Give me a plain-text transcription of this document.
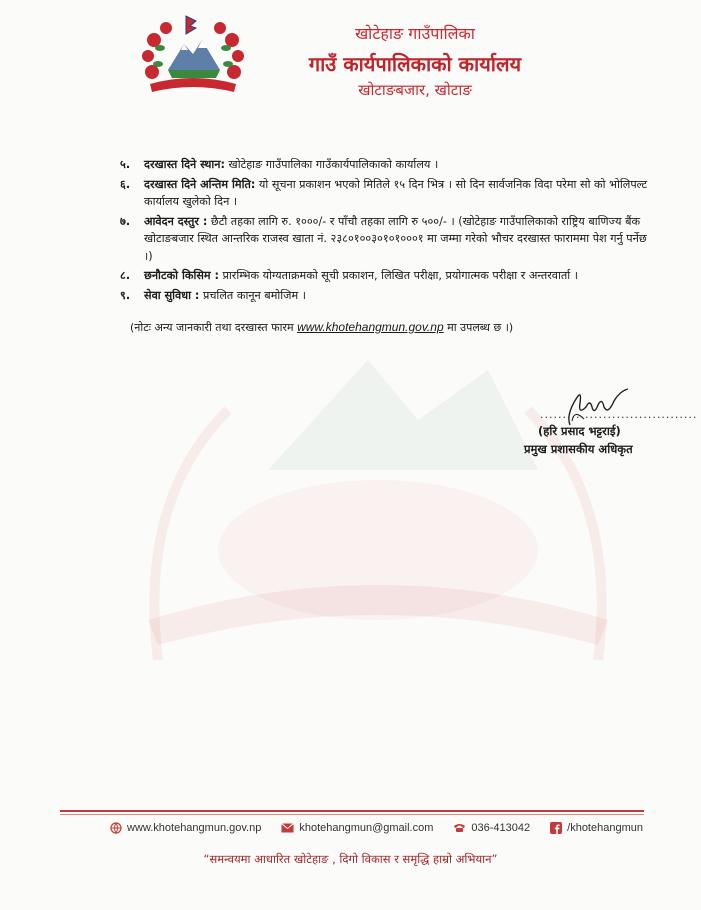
खोटेहाङ गाउँपालिका
गाउँ कार्यपालिकाको कार्यालय
खोटाङबजार, खोटाङ
५.	दरखास्त दिने स्थान: खोटेहाङ गाउँपालिका गाउँकार्यपालिकाको कार्यालय ।
६.	दरखास्त दिने अन्तिम मिति: यो सूचना प्रकाशन भएको मितिले १५ दिन भित्र । सो दिन सार्वजनिक विदा परेमा सो को भोलिपल्ट कार्यालय खुलेको दिन ।
७.	आवेदन दस्तुर : छैटौ तहका लागि रु. १०००/- र पाँचौ तहका लागि रु ५००/- । (खोटेहाङ गाउँपालिकाको राष्ट्रिय बाणिज्य बैंक खोटाङबजार स्थित आन्तरिक राजस्व खाता नं. २३८०१००३०१०१०००१ मा जम्मा गरेको भौचर दरखास्त फाराममा पेश गर्नु पर्नेछ ।)
८.	छनौटको किसिम : प्रारम्भिक योग्यताक्रमको सूची प्रकाशन, लिखित परीक्षा, प्रयोगात्मक परीक्षा र अन्तरवार्ता ।
९.	सेवा सुविधा : प्रचलित कानून बमोजिम ।
(नोटः अन्य जानकारी तथा दरखास्त फारम www.khotehangmun.gov.np मा उपलब्ध छ ।)
...................................
(हरि प्रसाद भट्टराई)
प्रमुख प्रशासकीय अधिकृत
www.khotehangmun.gov.np	khotehangmun@gmail.com	036-413042	/khotehangmun
“समन्वयमा आधारित खोटेहाङ , दिगो विकास र समृद्धि हाम्रो अभियान”
